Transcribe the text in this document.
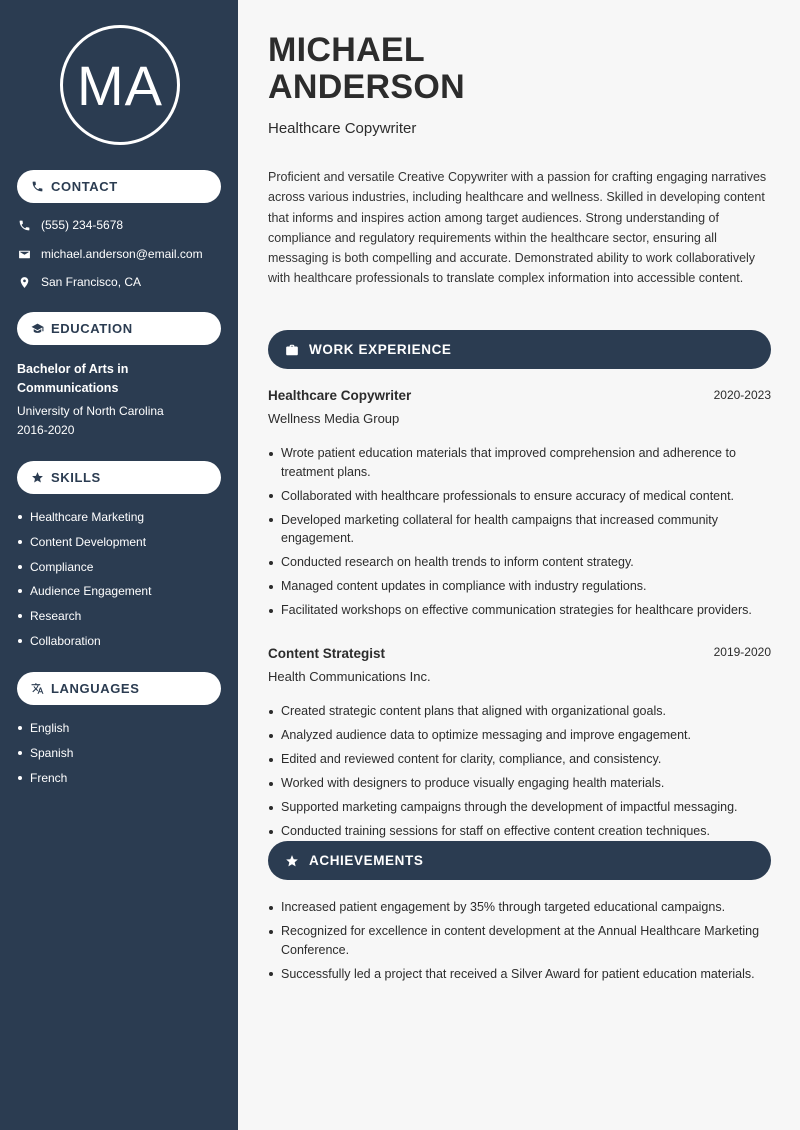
MA
CONTACT
(555) 234-5678
michael.anderson@email.com
San Francisco, CA
EDUCATION
Bachelor of Arts in Communications
University of North Carolina
2016-2020
SKILLS
Healthcare Marketing
Content Development
Compliance
Audience Engagement
Research
Collaboration
LANGUAGES
English
Spanish
French
MICHAEL
ANDERSON
Healthcare Copywriter
Proficient and versatile Creative Copywriter with a passion for crafting engaging narratives across various industries, including healthcare and wellness. Skilled in developing content that informs and inspires action among target audiences. Strong understanding of compliance and regulatory requirements within the healthcare sector, ensuring all messaging is both compelling and accurate. Demonstrated ability to work collaboratively with healthcare professionals to translate complex information into accessible content.
WORK EXPERIENCE
Healthcare Copywriter	2020-2023
Wellness Media Group
Wrote patient education materials that improved comprehension and adherence to treatment plans.
Collaborated with healthcare professionals to ensure accuracy of medical content.
Developed marketing collateral for health campaigns that increased community engagement.
Conducted research on health trends to inform content strategy.
Managed content updates in compliance with industry regulations.
Facilitated workshops on effective communication strategies for healthcare providers.
Content Strategist	2019-2020
Health Communications Inc.
Created strategic content plans that aligned with organizational goals.
Analyzed audience data to optimize messaging and improve engagement.
Edited and reviewed content for clarity, compliance, and consistency.
Worked with designers to produce visually engaging health materials.
Supported marketing campaigns through the development of impactful messaging.
Conducted training sessions for staff on effective content creation techniques.
ACHIEVEMENTS
Increased patient engagement by 35% through targeted educational campaigns.
Recognized for excellence in content development at the Annual Healthcare Marketing Conference.
Successfully led a project that received a Silver Award for patient education materials.
